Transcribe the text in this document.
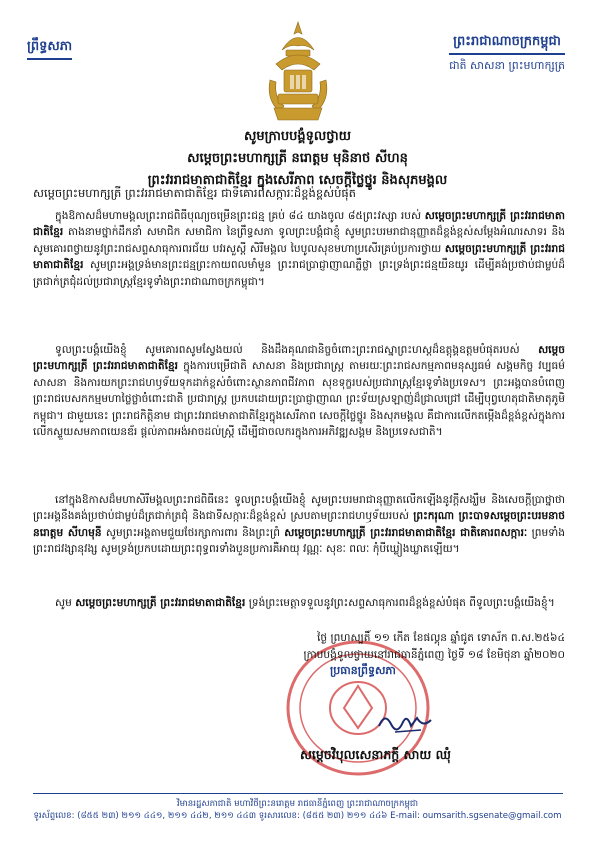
ព្រឹទ្ធសភា	ព្រះរាជាណាចក្រកម្ពុជា
ជាតិ សាសនា ព្រះមហាក្សត្រ
សូមក្រាបបង្គំទូលថ្វាយ
សម្តេចព្រះមហាក្សត្រី នរោត្តម មុនិនាថ សីហនុ
ព្រះវររាជមាតាជាតិខ្មែរ ក្នុងសេរីភាព សេចក្តីថ្លៃថ្នូរ និងសុភមង្គល
សម្តេចព្រះមហាក្សត្រី ព្រះវររាជមាតាជាតិខ្មែរ ជាទីគោរពសក្ការៈដ៏ខ្ពង់ខ្ពស់បំផុត
ក្នុងឱកាសដ៏មហាមង្គលព្រះរាជពិធីបុណ្យចម្រើនព្រះជន្ម គ្រប់ ៨៤ យាងចូល ៨៥ព្រះវស្សា របស់ សម្តេចព្រះមហាក្សត្រី ព្រះវររាជមាតាជាតិខ្មែរ តាងនាមថ្នាក់ដឹកនាំ សមាជិក សមាជិកា នៃព្រឹទ្ធសភា ទូលព្រះបង្គំជាខ្ញុំ សូមព្រះបរមរាជានុញ្ញាតដ៏ខ្ពង់ខ្ពស់សម្តែងអំណរសាទរ និងសូមគោរពថ្វាយនូវព្រះរាជសព្ទសាធុការពរជ័យ បវរសួស្តី សិរីមង្គល បៃបូលសុខមហាប្រសើរគ្រប់ប្រការថ្វាយ សម្តេចព្រះមហាក្សត្រី ព្រះវររាជមាតាជាតិខ្មែរ សូមព្រះអង្គទ្រង់មានព្រះជន្មព្រះកាយពលមាំមួន ព្រះរាជប្រាជ្ញាញាណភ្លឺថ្លា ព្រះទ្រង់ព្រះជន្មយឺនយូរ ដើម្បីគង់ប្រថាប់ជាម្លប់ដ៏ត្រជាក់ត្រជុំដល់ប្រជារាស្ត្រខ្មែរទូទាំងព្រះរាជាណាចក្រកម្ពុជា។
ទូលព្រះបង្គំយើងខ្ញុំ សូមគោរពសូមស្វែងយល់ និងដឹងគុណជានិច្ចចំពោះព្រះរាជស្នាព្រះហស្ដដ៏ឧត្ដុង្គឧត្ដមបំផុតរបស់ សម្តេចព្រះមហាក្សត្រី ព្រះវររាជមាតាជាតិខ្មែរ ក្នុងការបម្រើជាតិ សាសនា និងប្រជារាស្ត្រ តាមរយៈព្រះរាជសកម្មភាពមនុស្សធម៌ សង្គមកិច្ច វប្បធម៌ សាសនា និងការយកព្រះរាជហឫទ័យទុកដាក់ខ្ពស់ចំពោះស្ថានភាពជីវភាព សុខទុក្ខរបស់ប្រជារាស្ត្រខ្មែរទូទាំងប្រទេស។ ព្រះអង្គបានបំពេញព្រះរាជបេសកកម្មមហាថ្លៃថ្លាចំពោះជាតិ ប្រជារាស្ត្រ ប្រកបដោយព្រះប្រាជ្ញាញាណ ព្រះទ័យស្រឡាញ់ដ៏ជ្រាលជ្រៅ ដើម្បីបុព្វហេតុជាតិមាតុភូមិកម្ពុជា។ ជាមួយនេះ ព្រះរាជកិត្តិនាម ជាព្រះវររាជមាតាជាតិខ្មែរក្នុងសេរីភាព សេចក្តីថ្លៃថ្នូរ និងសុភមង្គល គឺជាការលើកតម្កើងដ៏ខ្ពង់ខ្ពស់ក្នុងការលើកស្ទួយសមភាពយេនឌ័រ ផ្តល់ភាពអង់អាចដល់ស្ត្រី ដើម្បីជាចលករក្នុងការអភិវឌ្ឍសង្គម និងប្រទេសជាតិ។
នៅក្នុងឱកាសដ៏មហាសិរីមង្គលព្រះរាជពិធីនេះ ទូលព្រះបង្គំយើងខ្ញុំ សូមព្រះបរមរាជានុញ្ញាតលើកឡើងនូវក្តីសង្ឃឹម និងសេចក្តីប្រាថ្នាថា ព្រះអង្គនឹងគង់ប្រថាប់ជាម្លប់ដ៏ត្រជាក់ត្រជុំ និងជាទីសក្ការៈដ៏ខ្ពង់ខ្ពស់ ស្របតាមព្រះរាជហឫទ័យរបស់ ព្រះករុណា ព្រះបាទសម្តេចព្រះបរមនាថ នរោត្តម សីហមុនី សូមព្រះអង្គតាមជួយថែរក្សាការពារ និងព្រះព្រំ សម្តេចព្រះមហាក្សត្រី ព្រះវររាជមាតាជាតិខ្មែរ ជាតិគោរពសក្ការៈ ព្រមទាំងព្រះរាជវង្សានុវង្ស សូមទ្រង់ប្រកបដោយព្រះពុទ្ធពរទាំងបួនប្រការគឺអាយុ វណ្ណៈ សុខៈ ពលៈ កុំបីឃ្លៀងឃ្លាតឡើយ។
សូម សម្តេចព្រះមហាក្សត្រី ព្រះវររាជមាតាជាតិខ្មែរ ទ្រង់ព្រះមេត្តាទទួលនូវព្រះសព្ទសាធុការពរដ៏ខ្ពង់ខ្ពស់បំផុត ពីទូលព្រះបង្គំយើងខ្ញុំ។
ថ្ងៃ ព្រហស្បតិ៍ ១១ កើត ខែផល្គុន ឆ្នាំជូត ទោស័ក ព.ស.២៥៦៤
ក្រាបបង្គំទូលថ្វាយនៅរាជធានីភ្នំពេញ ថ្ងៃទី ១៨ ខែមិថុនា ឆ្នាំ២០២០
ប្រធានព្រឹទ្ធសភា
សម្តេចវិបុលសេនាភក្តី សាយ ឈុំ
វិមានរដ្ឋសភាជាតិ មហាវិថីព្រះនរោត្តម រាជធានីភ្នំពេញ ព្រះរាជាណាចក្រកម្ពុជា
ទូរស័ព្ទលេខ: (៨៥៥ ២៣) ២១១ ៤៤១, ២១១ ៤៤២, ២១១ ៤៤៣ ទូរសារលេខ: (៨៥៥ ២៣) ២១១ ៤៤៦ E-mail: oumsarith.sgsenate@gmail.com
